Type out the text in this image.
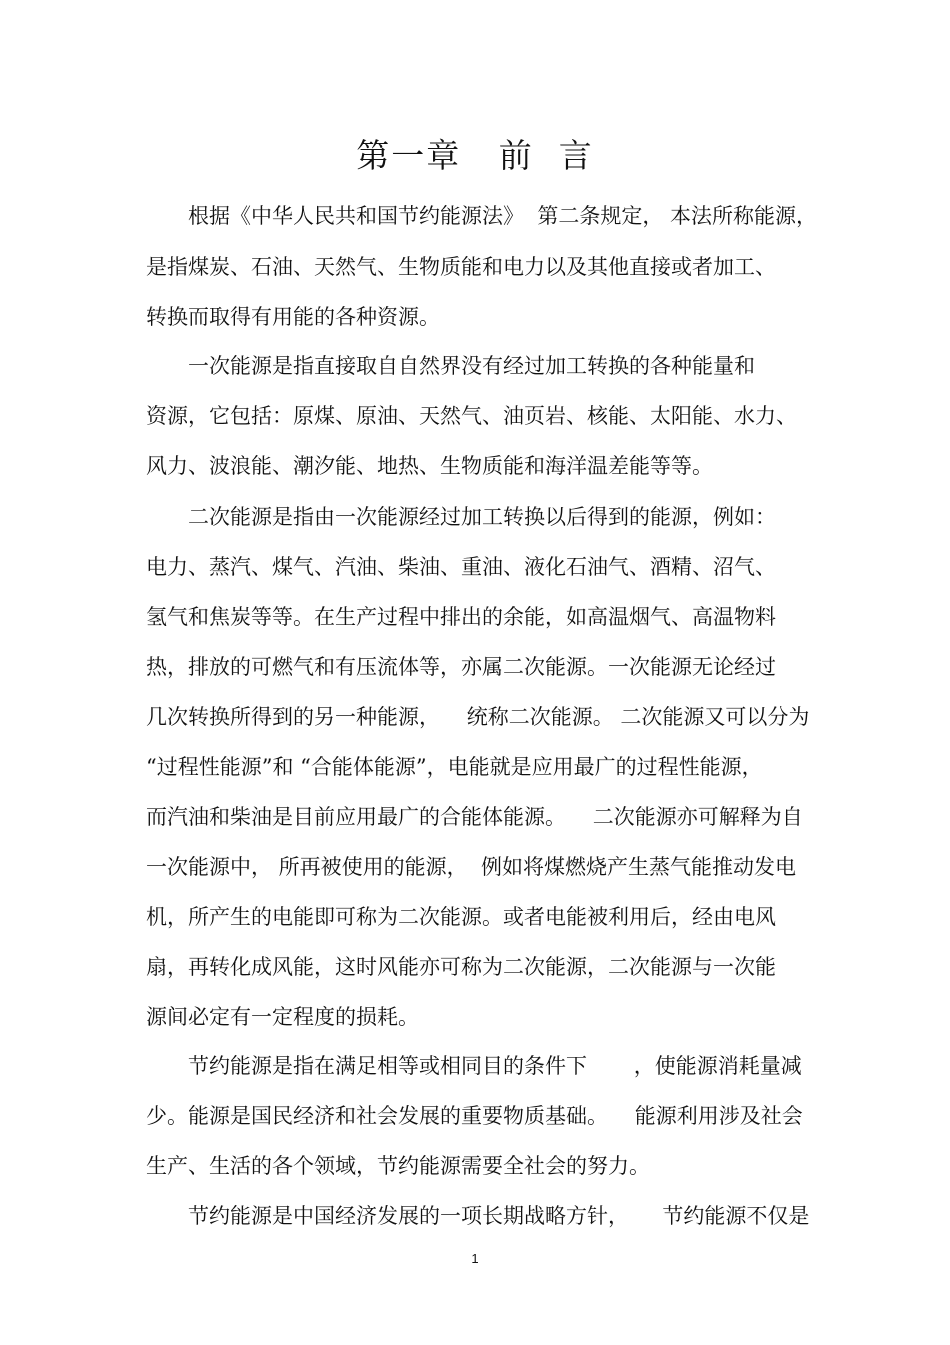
第一章   前  言
根据《中华人民共和国节约能源法》  第二条规定， 本法所称能源，
是指煤炭、石油、天然气、生物质能和电力以及其他直接或者加工、
转换而取得有用能的各种资源。
一次能源是指直接取自自然界没有经过加工转换的各种能量和
资源，它包括：原煤、原油、天然气、油页岩、核能、太阳能、水力、
风力、波浪能、潮汐能、地热、生物质能和海洋温差能等等。
二次能源是指由一次能源经过加工转换以后得到的能源，例如：
电力、蒸汽、煤气、汽油、柴油、重油、液化石油气、酒精、沼气、
氢气和焦炭等等。在生产过程中排出的余能，如高温烟气、高温物料
热，排放的可燃气和有压流体等，亦属二次能源。一次能源无论经过
几次转换所得到的另一种能源，    统称二次能源。 二次能源又可以分为
“过程性能源”和 “合能体能源”，电能就是应用最广的过程性能源，
而汽油和柴油是目前应用最广的合能体能源。    二次能源亦可解释为自
一次能源中， 所再被使用的能源，  例如将煤燃烧产生蒸气能推动发电
机，所产生的电能即可称为二次能源。或者电能被利用后，经由电风
扇，再转化成风能，这时风能亦可称为二次能源，二次能源与一次能
源间必定有一定程度的损耗。
节约能源是指在满足相等或相同目的条件下       ，使能源消耗量减
少。能源是国民经济和社会发展的重要物质基础。    能源利用涉及社会
生产、生活的各个领域，节约能源需要全社会的努力。
节约能源是中国经济发展的一项长期战略方针，     节约能源不仅是
1
